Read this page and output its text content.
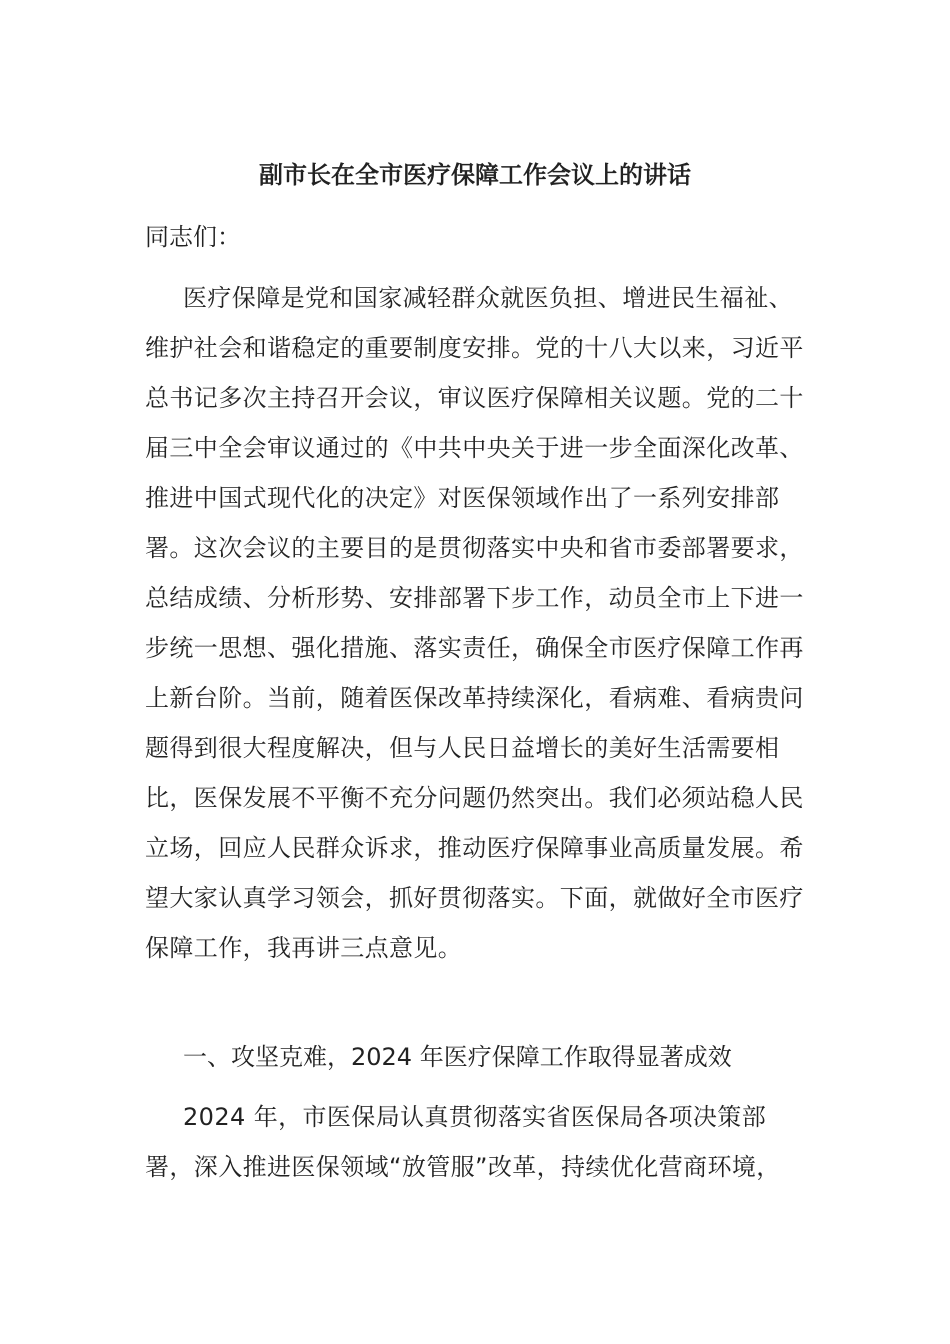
副市长在全市医疗保障工作会议上的讲话

同志们：

医疗保障是党和国家减轻群众就医负担、增进民生福祉、维护社会和谐稳定的重要制度安排。党的十八大以来，习近平总书记多次主持召开会议，审议医疗保障相关议题。党的二十届三中全会审议通过的《中共中央关于进一步全面深化改革、推进中国式现代化的决定》对医保领域作出了一系列安排部署。这次会议的主要目的是贯彻落实中央和省市委部署要求，总结成绩、分析形势、安排部署下步工作，动员全市上下进一步统一思想、强化措施、落实责任，确保全市医疗保障工作再上新台阶。当前，随着医保改革持续深化，看病难、看病贵问题得到很大程度解决，但与人民日益增长的美好生活需要相比，医保发展不平衡不充分问题仍然突出。我们必须站稳人民立场，回应人民群众诉求，推动医疗保障事业高质量发展。希望大家认真学习领会，抓好贯彻落实。下面，就做好全市医疗保障工作，我再讲三点意见。

一、攻坚克难，2024 年医疗保障工作取得显著成效

2024 年，市医保局认真贯彻落实省医保局各项决策部署，深入推进医保领域“放管服”改革，持续优化营商环境，
